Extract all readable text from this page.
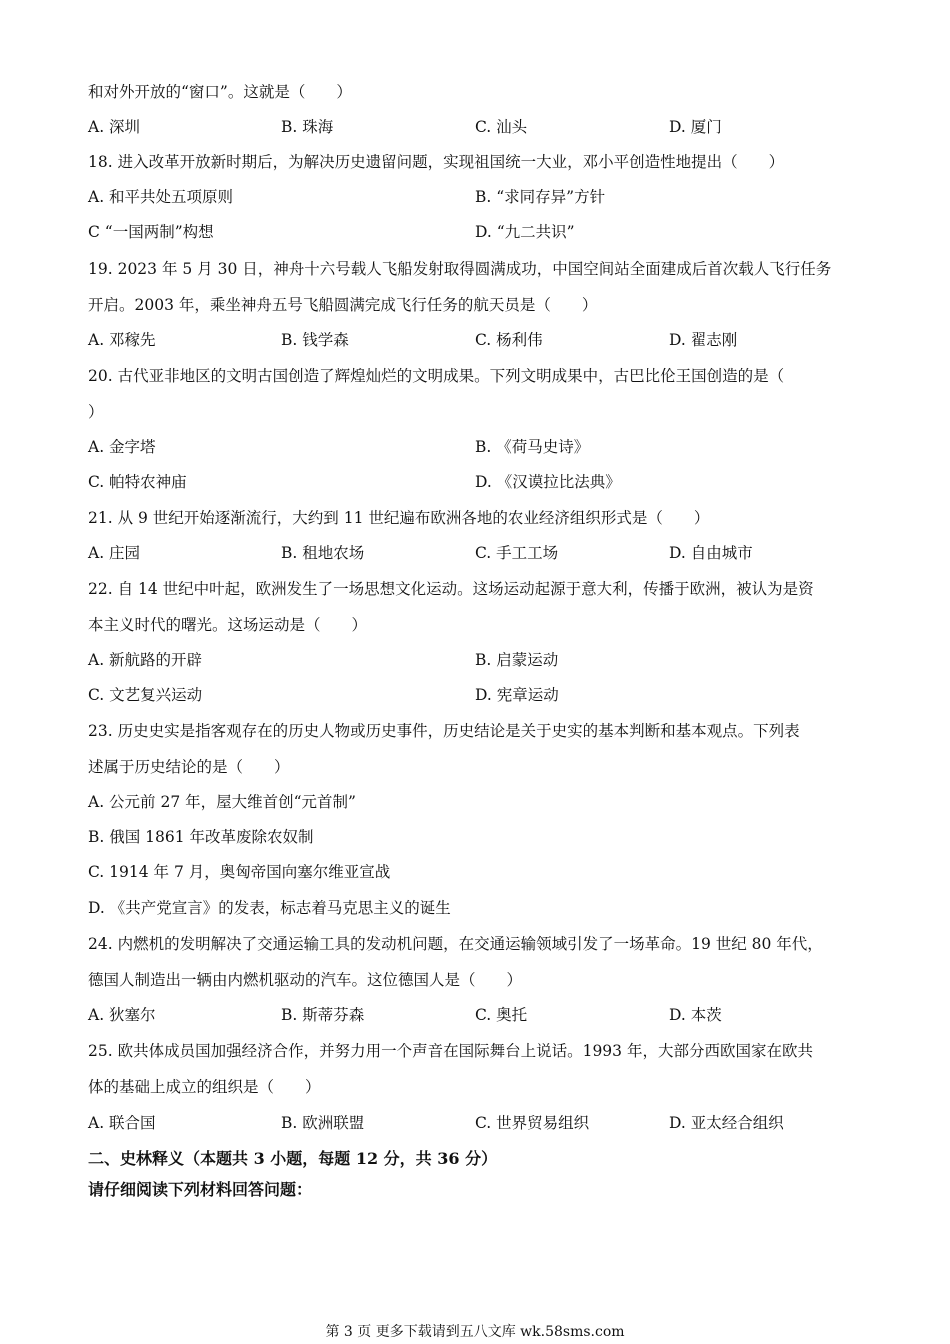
和对外开放的“窗口”。这就是（　　）
A. 深圳	B. 珠海	C. 汕头	D. 厦门
18. 进入改革开放新时期后，为解决历史遗留问题，实现祖国统一大业，邓小平创造性地提出（　　）
A. 和平共处五项原则	B. “求同存异”方针
C “一国两制”构想	D. “九二共识”
19. 2023 年 5 月 30 日，神舟十六号载人飞船发射取得圆满成功，中国空间站全面建成后首次载人飞行任务
开启。2003 年，乘坐神舟五号飞船圆满完成飞行任务的航天员是（　　）
A. 邓稼先	B. 钱学森	C. 杨利伟	D. 翟志刚
20. 古代亚非地区的文明古国创造了辉煌灿烂的文明成果。下列文明成果中，古巴比伦王国创造的是（
）
A. 金字塔	B. 《荷马史诗》
C. 帕特农神庙	D. 《汉谟拉比法典》
21. 从 9 世纪开始逐渐流行，大约到 11 世纪遍布欧洲各地的农业经济组织形式是（　　）
A. 庄园	B. 租地农场	C. 手工工场	D. 自由城市
22. 自 14 世纪中叶起，欧洲发生了一场思想文化运动。这场运动起源于意大利，传播于欧洲，被认为是资
本主义时代的曙光。这场运动是（　　）
A. 新航路的开辟	B. 启蒙运动
C. 文艺复兴运动	D. 宪章运动
23. 历史史实是指客观存在的历史人物或历史事件，历史结论是关于史实的基本判断和基本观点。下列表
述属于历史结论的是（　　）
A. 公元前 27 年，屋大维首创“元首制”
B. 俄国 1861 年改革废除农奴制
C. 1914 年 7 月，奥匈帝国向塞尔维亚宣战
D. 《共产党宣言》的发表，标志着马克思主义的诞生
24. 内燃机的发明解决了交通运输工具的发动机问题，在交通运输领域引发了一场革命。19 世纪 80 年代，
德国人制造出一辆由内燃机驱动的汽车。这位德国人是（　　）
A. 狄塞尔	B. 斯蒂芬森	C. 奥托	D. 本茨
25. 欧共体成员国加强经济合作，并努力用一个声音在国际舞台上说话。1993 年，大部分西欧国家在欧共
体的基础上成立的组织是（　　）
A. 联合国	B. 欧洲联盟	C. 世界贸易组织	D. 亚太经合组织
二、史林释义（本题共 3 小题，每题 12 分，共 36 分）
请仔细阅读下列材料回答问题：
第 3 页 更多下载请到五八文库 wk.58sms.com
